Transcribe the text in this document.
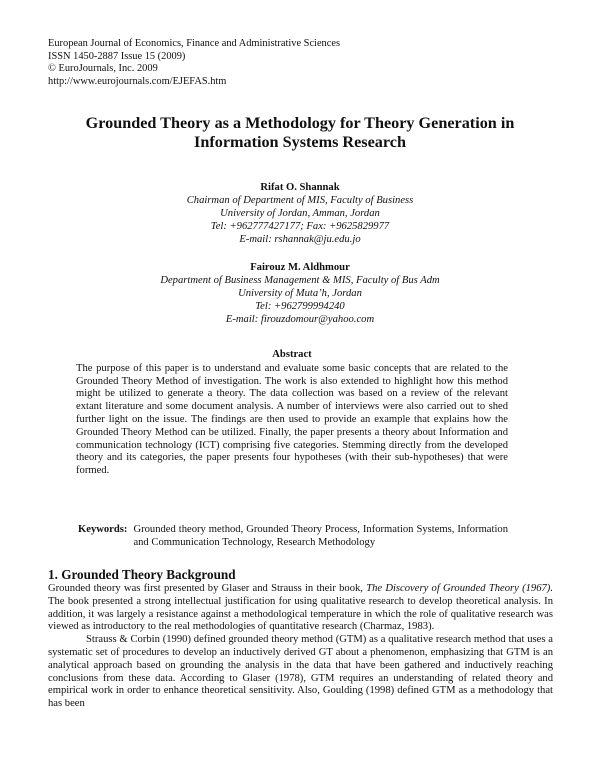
European Journal of Economics, Finance and Administrative Sciences
ISSN 1450-2887 Issue 15 (2009)
© EuroJournals, Inc. 2009
http://www.eurojournals.com/EJEFAS.htm
Grounded Theory as a Methodology for Theory Generation in
Information Systems Research
Rifat O. Shannak
Chairman of Department of MIS, Faculty of Business
University of Jordan, Amman, Jordan
Tel: +962777427177; Fax: +9625829977
E-mail: rshannak@ju.edu.jo
Fairouz M. Aldhmour
Department of Business Management & MIS, Faculty of Bus Adm
University of Muta’h, Jordan
Tel: +962799994240
E-mail: firouzdomour@yahoo.com
Abstract

The purpose of this paper is to understand and evaluate some basic concepts that are related to the Grounded Theory Method of investigation. The work is also extended to highlight how this method might be utilized to generate a theory. The data collection was based on a review of the relevant extant literature and some document analysis. A number of interviews were also carried out to shed further light on the issue. The findings are then used to provide an example that explains how the Grounded Theory Method can be utilized. Finally, the paper presents a theory about Information and communication technology (ICT) comprising five categories. Stemming directly from the developed theory and its categories, the paper presents four hypotheses (with their sub-hypotheses) that were formed.

Keywords: Grounded theory method, Grounded Theory Process, Information Systems, Information and Communication Technology, Research Methodology
1. Grounded Theory Background

Grounded theory was first presented by Glaser and Strauss in their book, The Discovery of Grounded Theory (1967). The book presented a strong intellectual justification for using qualitative research to develop theoretical analysis. In addition, it was largely a resistance against a methodological temperature in which the role of qualitative research was viewed as introductory to the real methodologies of quantitative research (Charmaz, 1983).

Strauss & Corbin (1990) defined grounded theory method (GTM) as a qualitative research method that uses a systematic set of procedures to develop an inductively derived GT about a phenomenon, emphasizing that GTM is an analytical approach based on grounding the analysis in the data that have been gathered and inductively reaching conclusions from these data. According to Glaser (1978), GTM requires an understanding of related theory and empirical work in order to enhance theoretical sensitivity. Also, Goulding (1998) defined GTM as a methodology that has been
